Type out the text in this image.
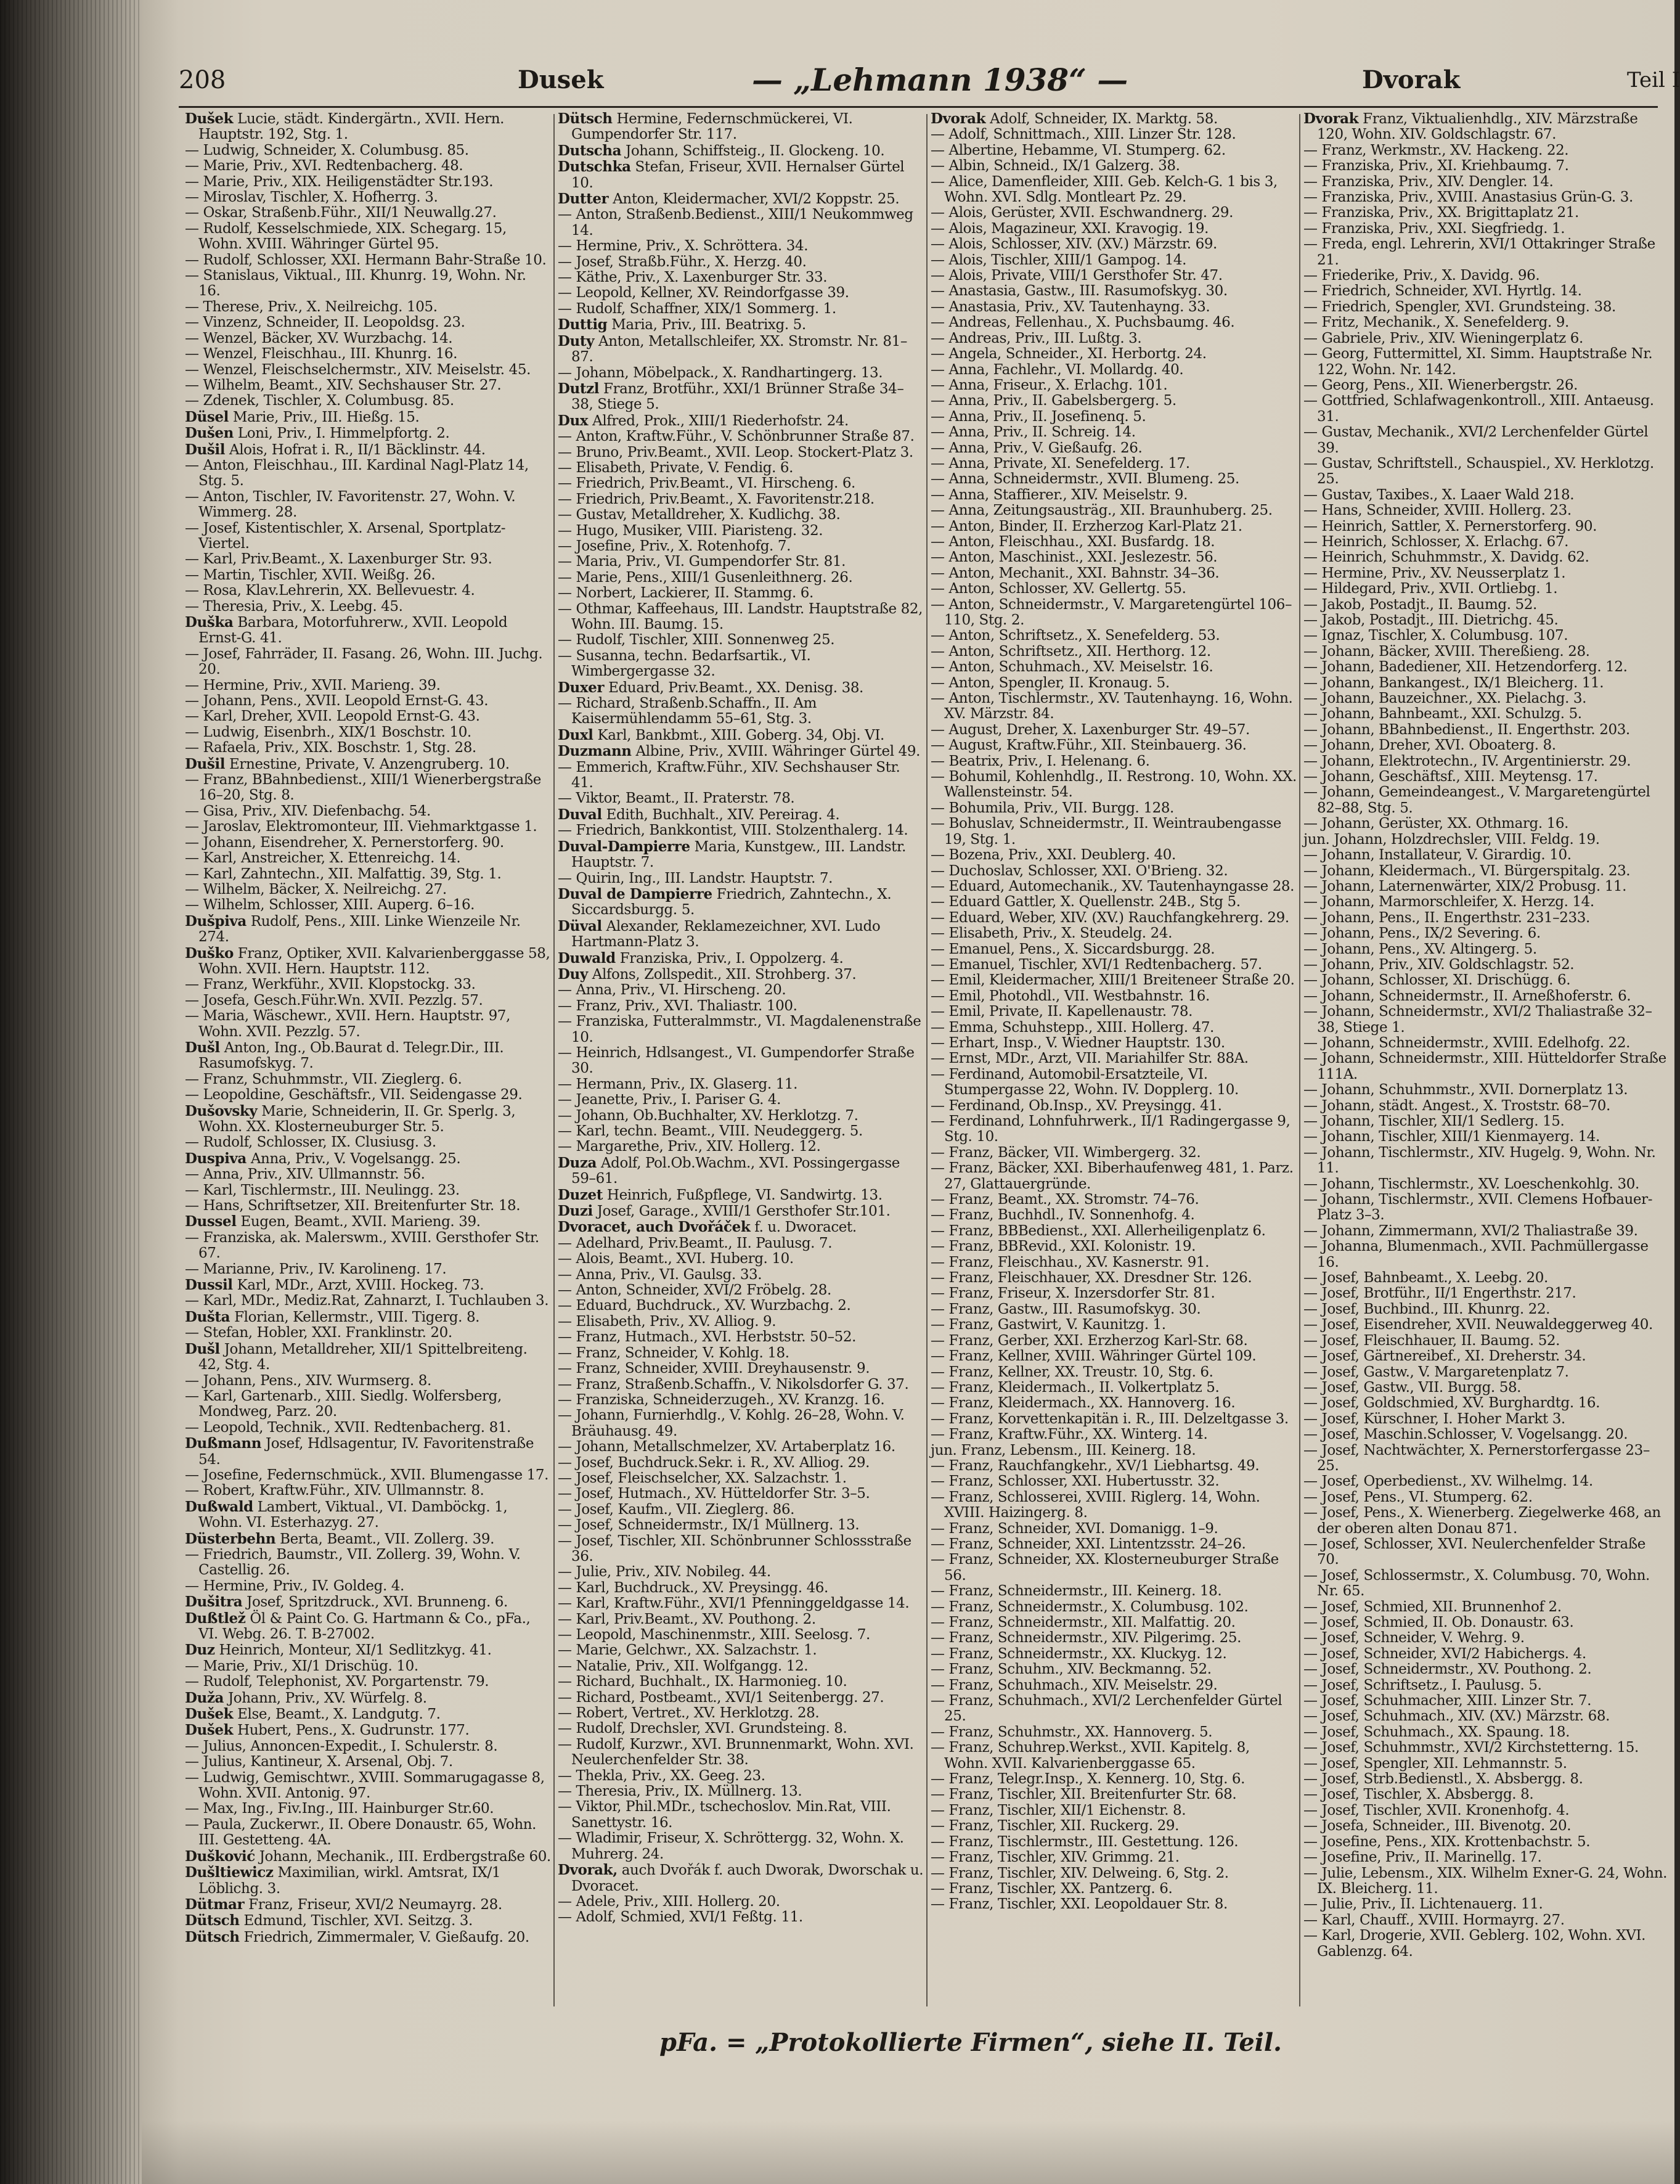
208	Dusek	— „Lehmann 1938“ —	Dvorak	Teil I

Dušek Lucie, städt. Kindergärtn., XVII. Hern. Hauptstr. 192, Stg. 1.

— Ludwig, Schneider, X. Columbusg. 85.

— Marie, Priv., XVI. Redtenbacherg. 48.

— Marie, Priv., XIX. Heiligenstädter Str.193.

— Miroslav, Tischler, X. Hofherrg. 3.

— Oskar, Straßenb.Führ., XII/1 Neuwallg.27.

— Rudolf, Kesselschmiede, XIX. Schegarg. 15, Wohn. XVIII. Währinger Gürtel 95.

— Rudolf, Schlosser, XXI. Hermann Bahr-Straße 10.

— Stanislaus, Viktual., III. Khunrg. 19, Wohn. Nr. 16.

— Therese, Priv., X. Neilreichg. 105.

— Vinzenz, Schneider, II. Leopoldsg. 23.

— Wenzel, Bäcker, XV. Wurzbachg. 14.

— Wenzel, Fleischhau., III. Khunrg. 16.

— Wenzel, Fleischselchermstr., XIV. Meiselstr. 45.

— Wilhelm, Beamt., XIV. Sechshauser Str. 27.

— Zdenek, Tischler, X. Columbusg. 85.

Düsel Marie, Priv., III. Hießg. 15.

Dušen Loni, Priv., I. Himmelpfortg. 2.

Dušil Alois, Hofrat i. R., II/1 Bäcklinstr. 44.

— Anton, Fleischhau., III. Kardinal Nagl-Platz 14, Stg. 5.

— Anton, Tischler, IV. Favoritenstr. 27, Wohn. V. Wimmerg. 28.

— Josef, Kistentischler, X. Arsenal, Sportplatz-Viertel.

— Karl, Priv.Beamt., X. Laxenburger Str. 93.

— Martin, Tischler, XVII. Weißg. 26.

— Rosa, Klav.Lehrerin, XX. Bellevuestr. 4.

— Theresia, Priv., X. Leebg. 45.

Duška Barbara, Motorfuhrerw., XVII. Leopold Ernst-G. 41.

— Josef, Fahrräder, II. Fasang. 26, Wohn. III. Juchg. 20.

— Hermine, Priv., XVII. Marieng. 39.

— Johann, Pens., XVII. Leopold Ernst-G. 43.

— Karl, Dreher, XVII. Leopold Ernst-G. 43.

— Ludwig, Eisenbrh., XIX/1 Boschstr. 10.

— Rafaela, Priv., XIX. Boschstr. 1, Stg. 28.

Dušil Ernestine, Private, V. Anzengruberg. 10.

— Franz, BBahnbedienst., XIII/1 Wienerbergstraße 16–20, Stg. 8.

— Gisa, Priv., XIV. Diefenbachg. 54.

— Jaroslav, Elektromonteur, III. Viehmarktgasse 1.

— Johann, Eisendreher, X. Pernerstorferg. 90.

— Karl, Anstreicher, X. Ettenreichg. 14.

— Karl, Zahntechn., XII. Malfattig. 39, Stg. 1.

— Wilhelm, Bäcker, X. Neilreichg. 27.

— Wilhelm, Schlosser, XIII. Auperg. 6–16.

Dušpiva Rudolf, Pens., XIII. Linke Wienzeile Nr. 274.

Duško Franz, Optiker, XVII. Kalvarienberggasse 58, Wohn. XVII. Hern. Hauptstr. 112.

— Franz, Werkführ., XVII. Klopstockg. 33.

— Josefa, Gesch.Führ.Wn. XVII. Pezzlg. 57.

— Maria, Wäschewr., XVII. Hern. Hauptstr. 97, Wohn. XVII. Pezzlg. 57.

Dušl Anton, Ing., Ob.Baurat d. Telegr.Dir., III. Rasumofskyg. 7.

— Franz, Schuhmmstr., VII. Zieglerg. 6.

— Leopoldine, Geschäftsfr., VII. Seidengasse 29.

Dušovsky Marie, Schneiderin, II. Gr. Sperlg. 3, Wohn. XX. Klosterneuburger Str. 5.

— Rudolf, Schlosser, IX. Clusiusg. 3.

Duspiva Anna, Priv., V. Vogelsangg. 25.

— Anna, Priv., XIV. Ullmannstr. 56.

— Karl, Tischlermstr., III. Neulingg. 23.

— Hans, Schriftsetzer, XII. Breitenfurter Str. 18.

Dussel Eugen, Beamt., XVII. Marieng. 39.

— Franziska, ak. Malerswm., XVIII. Gersthofer Str. 67.

— Marianne, Priv., IV. Karolineng. 17.

Dussil Karl, MDr., Arzt, XVIII. Hockeg. 73.

— Karl, MDr., Mediz.Rat, Zahnarzt, I. Tuchlauben 3.

Dušta Florian, Kellermstr., VIII. Tigerg. 8.

— Stefan, Hobler, XXI. Franklinstr. 20.

Dušl Johann, Metalldreher, XII/1 Spittelbreiteng. 42, Stg. 4.

— Johann, Pens., XIV. Wurmserg. 8.

— Karl, Gartenarb., XIII. Siedlg. Wolfersberg, Mondweg, Parz. 20.

— Leopold, Technik., XVII. Redtenbacherg. 81.

Dußmann Josef, Hdlsagentur, IV. Favoritenstraße 54.

— Josefine, Federnschmück., XVII. Blumengasse 17.

— Robert, Kraftw.Führ., XIV. Ullmannstr. 8.

Dußwald Lambert, Viktual., VI. Damböckg. 1, Wohn. VI. Esterhazyg. 27.

Düsterbehn Berta, Beamt., VII. Zollerg. 39.

— Friedrich, Baumstr., VII. Zollerg. 39, Wohn. V. Castellig. 26.

— Hermine, Priv., IV. Goldeg. 4.

Dušitra Josef, Spritzdruck., XVI. Brunneng. 6.

Dußtlež Öl & Paint Co. G. Hartmann & Co., pFa., VI. Webg. 26. T. B-27002.

Duz Heinrich, Monteur, XI/1 Sedlitzkyg. 41.

— Marie, Priv., XI/1 Drischüg. 10.

— Rudolf, Telephonist, XV. Porgartenstr. 79.

Duža Johann, Priv., XV. Würfelg. 8.

Dušek Else, Beamt., X. Landgutg. 7.

Dušek Hubert, Pens., X. Gudrunstr. 177.

— Julius, Annoncen-Expedit., I. Schulerstr. 8.

— Julius, Kantineur, X. Arsenal, Obj. 7.

— Ludwig, Gemischtwr., XVIII. Sommarugagasse 8, Wohn. XVII. Antonig. 97.

— Max, Ing., Fiv.Ing., III. Hainburger Str.60.

— Paula, Zuckerwr., II. Obere Donaustr. 65, Wohn. III. Gestetteng. 4A.

Dušković Johann, Mechanik., III. Erdbergstraße 60.

Dušltiewicz Maximilian, wirkl. Amtsrat, IX/1 Löblichg. 3.

Dütmar Franz, Friseur, XVI/2 Neumayrg. 28.

Dütsch Edmund, Tischler, XVI. Seitzg. 3.

Dütsch Friedrich, Zimmermaler, V. Gießaufg. 20.

Dütsch Hermine, Federnschmückerei, VI. Gumpendorfer Str. 117.

Dutscha Johann, Schiffsteig., II. Glockeng. 10.

Dutschka Stefan, Friseur, XVII. Hernalser Gürtel 10.

Dutter Anton, Kleidermacher, XVI/2 Koppstr. 25.

— Anton, Straßenb.Bedienst., XIII/1 Neukommweg 14.

— Hermine, Priv., X. Schröttera. 34.

— Josef, Straßb.Führ., X. Herzg. 40.

— Käthe, Priv., X. Laxenburger Str. 33.

— Leopold, Kellner, XV. Reindorfgasse 39.

— Rudolf, Schaffner, XIX/1 Sommerg. 1.

Duttig Maria, Priv., III. Beatrixg. 5.

Duty Anton, Metallschleifer, XX. Stromstr. Nr. 81–87.

— Johann, Möbelpack., X. Randhartingerg. 13.

Dutzl Franz, Brotführ., XXI/1 Brünner Straße 34–38, Stiege 5.

Dux Alfred, Prok., XIII/1 Riederhofstr. 24.

— Anton, Kraftw.Führ., V. Schönbrunner Straße 87.

— Bruno, Priv.Beamt., XVII. Leop. Stockert-Platz 3.

— Elisabeth, Private, V. Fendig. 6.

— Friedrich, Priv.Beamt., VI. Hirscheng. 6.

— Friedrich, Priv.Beamt., X. Favoritenstr.218.

— Gustav, Metalldreher, X. Kudlichg. 38.

— Hugo, Musiker, VIII. Piaristeng. 32.

— Josefine, Priv., X. Rotenhofg. 7.

— Maria, Priv., VI. Gumpendorfer Str. 81.

— Marie, Pens., XIII/1 Gusenleithnerg. 26.

— Norbert, Lackierer, II. Stammg. 6.

— Othmar, Kaffeehaus, III. Landstr. Hauptstraße 82, Wohn. III. Baumg. 15.

— Rudolf, Tischler, XIII. Sonnenweg 25.

— Susanna, techn. Bedarfsartik., VI. Wimbergergasse 32.

Duxer Eduard, Priv.Beamt., XX. Denisg. 38.

— Richard, Straßenb.Schaffn., II. Am Kaisermühlendamm 55–61, Stg. 3.

Duxl Karl, Bankbmt., XIII. Goberg. 34, Obj. VI.

Duzmann Albine, Priv., XVIII. Währinger Gürtel 49.

— Emmerich, Kraftw.Führ., XIV. Sechshauser Str. 41.

— Viktor, Beamt., II. Praterstr. 78.

Duval Edith, Buchhalt., XIV. Pereirag. 4.

— Friedrich, Bankkontist, VIII. Stolzenthalerg. 14.

Duval-Dampierre Maria, Kunstgew., III. Landstr. Hauptstr. 7.

— Quirin, Ing., III. Landstr. Hauptstr. 7.

Duval de Dampierre Friedrich, Zahntechn., X. Siccardsburgg. 5.

Düval Alexander, Reklamezeichner, XVI. Ludo Hartmann-Platz 3.

Duwald Franziska, Priv., I. Oppolzerg. 4.

Duy Alfons, Zollspedit., XII. Strohberg. 37.

— Anna, Priv., VI. Hirscheng. 20.

— Franz, Priv., XVI. Thaliastr. 100.

— Franziska, Futteralmmstr., VI. Magdalenenstraße 10.

— Heinrich, Hdlsangest., VI. Gumpendorfer Straße 30.

— Hermann, Priv., IX. Glaserg. 11.

— Jeanette, Priv., I. Pariser G. 4.

— Johann, Ob.Buchhalter, XV. Herklotzg. 7.

— Karl, techn. Beamt., VIII. Neudeggerg. 5.

— Margarethe, Priv., XIV. Hollerg. 12.

Duza Adolf, Pol.Ob.Wachm., XVI. Possingergasse 59–61.

Duzet Heinrich, Fußpflege, VI. Sandwirtg. 13.

Duzi Josef, Garage., XVIII/1 Gersthofer Str.101.

Dvoracet, auch Dvořáček f. u. Dworacet.

— Adelhard, Priv.Beamt., II. Paulusg. 7.

— Alois, Beamt., XVI. Huberg. 10.

— Anna, Priv., VI. Gaulsg. 33.

— Anton, Schneider, XVI/2 Fröbelg. 28.

— Eduard, Buchdruck., XV. Wurzbachg. 2.

— Elisabeth, Priv., XV. Alliog. 9.

— Franz, Hutmach., XVI. Herbststr. 50–52.

— Franz, Schneider, V. Kohlg. 18.

— Franz, Schneider, XVIII. Dreyhausenstr. 9.

— Franz, Straßenb.Schaffn., V. Nikolsdorfer G. 37.

— Franziska, Schneiderzugeh., XV. Kranzg. 16.

— Johann, Furnierhdlg., V. Kohlg. 26–28, Wohn. V. Bräuhausg. 49.

— Johann, Metallschmelzer, XV. Artaberplatz 16.

— Josef, Buchdruck.Sekr. i. R., XV. Alliog. 29.

— Josef, Fleischselcher, XX. Salzachstr. 1.

— Josef, Hutmach., XV. Hütteldorfer Str. 3–5.

— Josef, Kaufm., VII. Zieglerg. 86.

— Josef, Schneidermstr., IX/1 Müllnerg. 13.

— Josef, Tischler, XII. Schönbrunner Schlossstraße 36.

— Julie, Priv., XIV. Nobileg. 44.

— Karl, Buchdruck., XV. Preysingg. 46.

— Karl, Kraftw.Führ., XVI/1 Pfenninggeldgasse 14.

— Karl, Priv.Beamt., XV. Pouthong. 2.

— Leopold, Maschinenmstr., XIII. Seelosg. 7.

— Marie, Gelchwr., XX. Salzachstr. 1.

— Natalie, Priv., XII. Wolfgangg. 12.

— Richard, Buchhalt., IX. Harmonieg. 10.

— Richard, Postbeamt., XVI/1 Seitenbergg. 27.

— Robert, Vertret., XV. Herklotzg. 28.

— Rudolf, Drechsler, XVI. Grundsteing. 8.

— Rudolf, Kurzwr., XVI. Brunnenmarkt, Wohn. XVI. Neulerchenfelder Str. 38.

— Thekla, Priv., XX. Geeg. 23.

— Theresia, Priv., IX. Müllnerg. 13.

— Viktor, Phil.MDr., tschechoslov. Min.Rat, VIII. Sanettystr. 16.

— Wladimir, Friseur, X. Schröttergg. 32, Wohn. X. Muhrerg. 24.

Dvorak, auch Dvořák f. auch Dworak, Dworschak u. Dvoracet.

— Adele, Priv., XIII. Hollerg. 20.

— Adolf, Schmied, XVI/1 Feßtg. 11.

Dvorak Adolf, Schneider, IX. Marktg. 58.

— Adolf, Schnittmach., XIII. Linzer Str. 128.

— Albertine, Hebamme, VI. Stumperg. 62.

— Albin, Schneid., IX/1 Galzerg. 38.

— Alice, Damenfleider, XIII. Geb. Kelch-G. 1 bis 3, Wohn. XVI. Sdlg. Montleart Pz. 29.

— Alois, Gerüster, XVII. Eschwandnerg. 29.

— Alois, Magazineur, XXI. Kravogig. 19.

— Alois, Schlosser, XIV. (XV.) Märzstr. 69.

— Alois, Tischler, XIII/1 Gampog. 14.

— Alois, Private, VIII/1 Gersthofer Str. 47.

— Anastasia, Gastw., III. Rasumofskyg. 30.

— Anastasia, Priv., XV. Tautenhayng. 33.

— Andreas, Fellenhau., X. Puchsbaumg. 46.

— Andreas, Priv., III. Lußtg. 3.

— Angela, Schneider., XI. Herbortg. 24.

— Anna, Fachlehr., VI. Mollardg. 40.

— Anna, Friseur., X. Erlachg. 101.

— Anna, Priv., II. Gabelsbergerg. 5.

— Anna, Priv., II. Josefinenq. 5.

— Anna, Priv., II. Schreig. 14.

— Anna, Priv., V. Gießaufg. 26.

— Anna, Private, XI. Senefelderg. 17.

— Anna, Schneidermstr., XVII. Blumeng. 25.

— Anna, Staffierer., XIV. Meiselstr. 9.

— Anna, Zeitungsausträg., XII. Braunhuberg. 25.

— Anton, Binder, II. Erzherzog Karl-Platz 21.

— Anton, Fleischhau., XXI. Busfardg. 18.

— Anton, Maschinist., XXI. Jeslezestr. 56.

— Anton, Mechanit., XXI. Bahnstr. 34–36.

— Anton, Schlosser, XV. Gellertg. 55.

— Anton, Schneidermstr., V. Margaretengürtel 106–110, Stg. 2.

— Anton, Schriftsetz., X. Senefelderg. 53.

— Anton, Schriftsetz., XII. Herthorg. 12.

— Anton, Schuhmach., XV. Meiselstr. 16.

— Anton, Spengler, II. Kronaug. 5.

— Anton, Tischlermstr., XV. Tautenhayng. 16, Wohn. XV. Märzstr. 84.

— August, Dreher, X. Laxenburger Str. 49–57.

— August, Kraftw.Führ., XII. Steinbauerg. 36.

— Beatrix, Priv., I. Helenang. 6.

— Bohumil, Kohlenhdlg., II. Restrong. 10, Wohn. XX. Wallensteinstr. 54.

— Bohumila, Priv., VII. Burgg. 128.

— Bohuslav, Schneidermstr., II. Weintraubengasse 19, Stg. 1.

— Bozena, Priv., XXI. Deublerg. 40.

— Duchoslav, Schlosser, XXI. O'Brieng. 32.

— Eduard, Automechanik., XV. Tautenhayngasse 28.

— Eduard Gattler, X. Quellenstr. 24B., Stg 5.

— Eduard, Weber, XIV. (XV.) Rauchfangkehrerg. 29.

— Elisabeth, Priv., X. Steudelg. 24.

— Emanuel, Pens., X. Siccardsburgg. 28.

— Emanuel, Tischler, XVI/1 Redtenbacherg. 57.

— Emil, Kleidermacher, XIII/1 Breiteneer Straße 20.

— Emil, Photohdl., VII. Westbahnstr. 16.

— Emil, Private, II. Kapellenaustr. 78.

— Emma, Schuhstepp., XIII. Hollerg. 47.

— Erhart, Insp., V. Wiedner Hauptstr. 130.

— Ernst, MDr., Arzt, VII. Mariahilfer Str. 88A.

— Ferdinand, Automobil-Ersatzteile, VI. Stumpergasse 22, Wohn. IV. Dopplerg. 10.

— Ferdinand, Ob.Insp., XV. Preysingg. 41.

— Ferdinand, Lohnfuhrwerk., II/1 Radingergasse 9, Stg. 10.

— Franz, Bäcker, VII. Wimbergerg. 32.

— Franz, Bäcker, XXI. Biberhaufenweg 481, 1. Parz. 27, Glattauergründe.

— Franz, Beamt., XX. Stromstr. 74–76.

— Franz, Buchhdl., IV. Sonnenhofg. 4.

— Franz, BBBedienst., XXI. Allerheiligenplatz 6.

— Franz, BBRevid., XXI. Kolonistr. 19.

— Franz, Fleischhau., XV. Kasnerstr. 91.

— Franz, Fleischhauer, XX. Dresdner Str. 126.

— Franz, Friseur, X. Inzersdorfer Str. 81.

— Franz, Gastw., III. Rasumofskyg. 30.

— Franz, Gastwirt, V. Kaunitzg. 1.

— Franz, Gerber, XXI. Erzherzog Karl-Str. 68.

— Franz, Kellner, XVIII. Währinger Gürtel 109.

— Franz, Kellner, XX. Treustr. 10, Stg. 6.

— Franz, Kleidermach., II. Volkertplatz 5.

— Franz, Kleidermach., XX. Hannoverg. 16.

— Franz, Korvettenkapitän i. R., III. Delzeltgasse 3.

— Franz, Kraftw.Führ., XX. Winterg. 14.

jun. Franz, Lebensm., III. Keinerg. 18.

— Franz, Rauchfangkehr., XV/1 Liebhartsg. 49.

— Franz, Schlosser, XXI. Hubertusstr. 32.

— Franz, Schlosserei, XVIII. Riglerg. 14, Wohn. XVIII. Haizingerg. 8.

— Franz, Schneider, XVI. Domanigg. 1–9.

— Franz, Schneider, XXI. Lintentzsstr. 24–26.

— Franz, Schneider, XX. Klosterneuburger Straße 56.

— Franz, Schneidermstr., III. Keinerg. 18.

— Franz, Schneidermstr., X. Columbusg. 102.

— Franz, Schneidermstr., XII. Malfattig. 20.

— Franz, Schneidermstr., XIV. Pilgerimg. 25.

— Franz, Schneidermstr., XX. Kluckyg. 12.

— Franz, Schuhm., XIV. Beckmanng. 52.

— Franz, Schuhmach., XIV. Meiselstr. 29.

— Franz, Schuhmach., XVI/2 Lerchenfelder Gürtel 25.

— Franz, Schuhmstr., XX. Hannoverg. 5.

— Franz, Schuhrep.Werkst., XVII. Kapitelg. 8, Wohn. XVII. Kalvarienberggasse 65.

— Franz, Telegr.Insp., X. Kennerg. 10, Stg. 6.

— Franz, Tischler, XII. Breitenfurter Str. 68.

— Franz, Tischler, XII/1 Eichenstr. 8.

— Franz, Tischler, XII. Ruckerg. 29.

— Franz, Tischlermstr., III. Gestettung. 126.

— Franz, Tischler, XIV. Grimmg. 21.

— Franz, Tischler, XIV. Delweing. 6, Stg. 2.

— Franz, Tischler, XX. Pantzerg. 6.

— Franz, Tischler, XXI. Leopoldauer Str. 8.

Dvorak Franz, Viktualienhdlg., XIV. Märzstraße 120, Wohn. XIV. Goldschlagstr. 67.

— Franz, Werkmstr., XV. Hackeng. 22.

— Franziska, Priv., XI. Kriehbaumg. 7.

— Franziska, Priv., XIV. Dengler. 14.

— Franziska, Priv., XVIII. Anastasius Grün-G. 3.

— Franziska, Priv., XX. Brigittaplatz 21.

— Franziska, Priv., XXI. Siegfriedg. 1.

— Freda, engl. Lehrerin, XVI/1 Ottakringer Straße 21.

— Friederike, Priv., X. Davidg. 96.

— Friedrich, Schneider, XVI. Hyrtlg. 14.

— Friedrich, Spengler, XVI. Grundsteing. 38.

— Fritz, Mechanik., X. Senefelderg. 9.

— Gabriele, Priv., XIV. Wieningerplatz 6.

— Georg, Futtermittel, XI. Simm. Hauptstraße Nr. 122, Wohn. Nr. 142.

— Georg, Pens., XII. Wienerbergstr. 26.

— Gottfried, Schlafwagenkontroll., XIII. Antaeusg. 31.

— Gustav, Mechanik., XVI/2 Lerchenfelder Gürtel 39.

— Gustav, Schriftstell., Schauspiel., XV. Herklotzg. 25.

— Gustav, Taxibes., X. Laaer Wald 218.

— Hans, Schneider, XVIII. Hollerg. 23.

— Heinrich, Sattler, X. Pernerstorferg. 90.

— Heinrich, Schlosser, X. Erlachg. 67.

— Heinrich, Schuhmmstr., X. Davidg. 62.

— Hermine, Priv., XV. Neusserplatz 1.

— Hildegard, Priv., XVII. Ortliebg. 1.

— Jakob, Postadjt., II. Baumg. 52.

— Jakob, Postadjt., III. Dietrichg. 45.

— Ignaz, Tischler, X. Columbusg. 107.

— Johann, Bäcker, XVIII. Thereßieng. 28.

— Johann, Badediener, XII. Hetzendorferg. 12.

— Johann, Bankangest., IX/1 Bleicherg. 11.

— Johann, Bauzeichner., XX. Pielachg. 3.

— Johann, Bahnbeamt., XXI. Schulzg. 5.

— Johann, BBahnbedienst., II. Engerthstr. 203.

— Johann, Dreher, XVI. Oboaterg. 8.

— Johann, Elektrotechn., IV. Argentinierstr. 29.

— Johann, Geschäftsf., XIII. Meytensg. 17.

— Johann, Gemeindeangest., V. Margaretengürtel 82–88, Stg. 5.

— Johann, Gerüster, XX. Othmarg. 16.

jun. Johann, Holzdrechsler, VIII. Feldg. 19.

— Johann, Installateur, V. Girardig. 10.

— Johann, Kleidermach., VI. Bürgerspitalg. 23.

— Johann, Laternenwärter, XIX/2 Probusg. 11.

— Johann, Marmorschleifer, X. Herzg. 14.

— Johann, Pens., II. Engerthstr. 231–233.

— Johann, Pens., IX/2 Severing. 6.

— Johann, Pens., XV. Altingerg. 5.

— Johann, Priv., XIV. Goldschlagstr. 52.

— Johann, Schlosser, XI. Drischügg. 6.

— Johann, Schneidermstr., II. Arneßhoferstr. 6.

— Johann, Schneidermstr., XVI/2 Thaliastraße 32–38, Stiege 1.

— Johann, Schneidermstr., XVIII. Edelhofg. 22.

— Johann, Schneidermstr., XIII. Hütteldorfer Straße 111A.

— Johann, Schuhmmstr., XVII. Dornerplatz 13.

— Johann, städt. Angest., X. Troststr. 68–70.

— Johann, Tischler, XII/1 Sedlerg. 15.

— Johann, Tischler, XIII/1 Kienmayerg. 14.

— Johann, Tischlermstr., XIV. Hugelg. 9, Wohn. Nr. 11.

— Johann, Tischlermstr., XV. Loeschenkohlg. 30.

— Johann, Tischlermstr., XVII. Clemens Hofbauer-Platz 3–3.

— Johann, Zimmermann, XVI/2 Thaliastraße 39.

— Johanna, Blumenmach., XVII. Pachmüllergasse 16.

— Josef, Bahnbeamt., X. Leebg. 20.

— Josef, Brotführ., II/1 Engerthstr. 217.

— Josef, Buchbind., III. Khunrg. 22.

— Josef, Eisendreher, XVII. Neuwaldeggerweg 40.

— Josef, Fleischhauer, II. Baumg. 52.

— Josef, Gärtnereibef., XI. Dreherstr. 34.

— Josef, Gastw., V. Margaretenplatz 7.

— Josef, Gastw., VII. Burgg. 58.

— Josef, Goldschmied, XV. Burghardtg. 16.

— Josef, Kürschner, I. Hoher Markt 3.

— Josef, Maschin.Schlosser, V. Vogelsangg. 20.

— Josef, Nachtwächter, X. Pernerstorfergasse 23–25.

— Josef, Operbedienst., XV. Wilhelmg. 14.

— Josef, Pens., VI. Stumperg. 62.

— Josef, Pens., X. Wienerberg. Ziegelwerke 468, an der oberen alten Donau 871.

— Josef, Schlosser, XVI. Neulerchenfelder Straße 70.

— Josef, Schlossermstr., X. Columbusg. 70, Wohn. Nr. 65.

— Josef, Schmied, XII. Brunnenhof 2.

— Josef, Schmied, II. Ob. Donaustr. 63.

— Josef, Schneider, V. Wehrg. 9.

— Josef, Schneider, XVI/2 Habichergs. 4.

— Josef, Schneidermstr., XV. Pouthong. 2.

— Josef, Schriftsetz., I. Paulusg. 5.

— Josef, Schuhmacher, XIII. Linzer Str. 7.

— Josef, Schuhmach., XIV. (XV.) Märzstr. 68.

— Josef, Schuhmach., XX. Spaung. 18.

— Josef, Schuhmmstr., XVI/2 Kirchstetterng. 15.

— Josef, Spengler, XII. Lehmannstr. 5.

— Josef, Strb.Bedienstl., X. Absbergg. 8.

— Josef, Tischler, X. Absbergg. 8.

— Josef, Tischler, XVII. Kronenhofg. 4.

— Josefa, Schneider., III. Bivenotg. 20.

— Josefine, Pens., XIX. Krottenbachstr. 5.

— Josefine, Priv., II. Marinellg. 17.

— Julie, Lebensm., XIX. Wilhelm Exner-G. 24, Wohn. IX. Bleicherg. 11.

— Julie, Priv., II. Lichtenauerg. 11.

— Karl, Chauff., XVIII. Hormayrg. 27.

— Karl, Drogerie, XVII. Geblerg. 102, Wohn. XVI. Gablenzg. 64.

pFa. = „Protokollierte Firmen“, siehe II. Teil.
